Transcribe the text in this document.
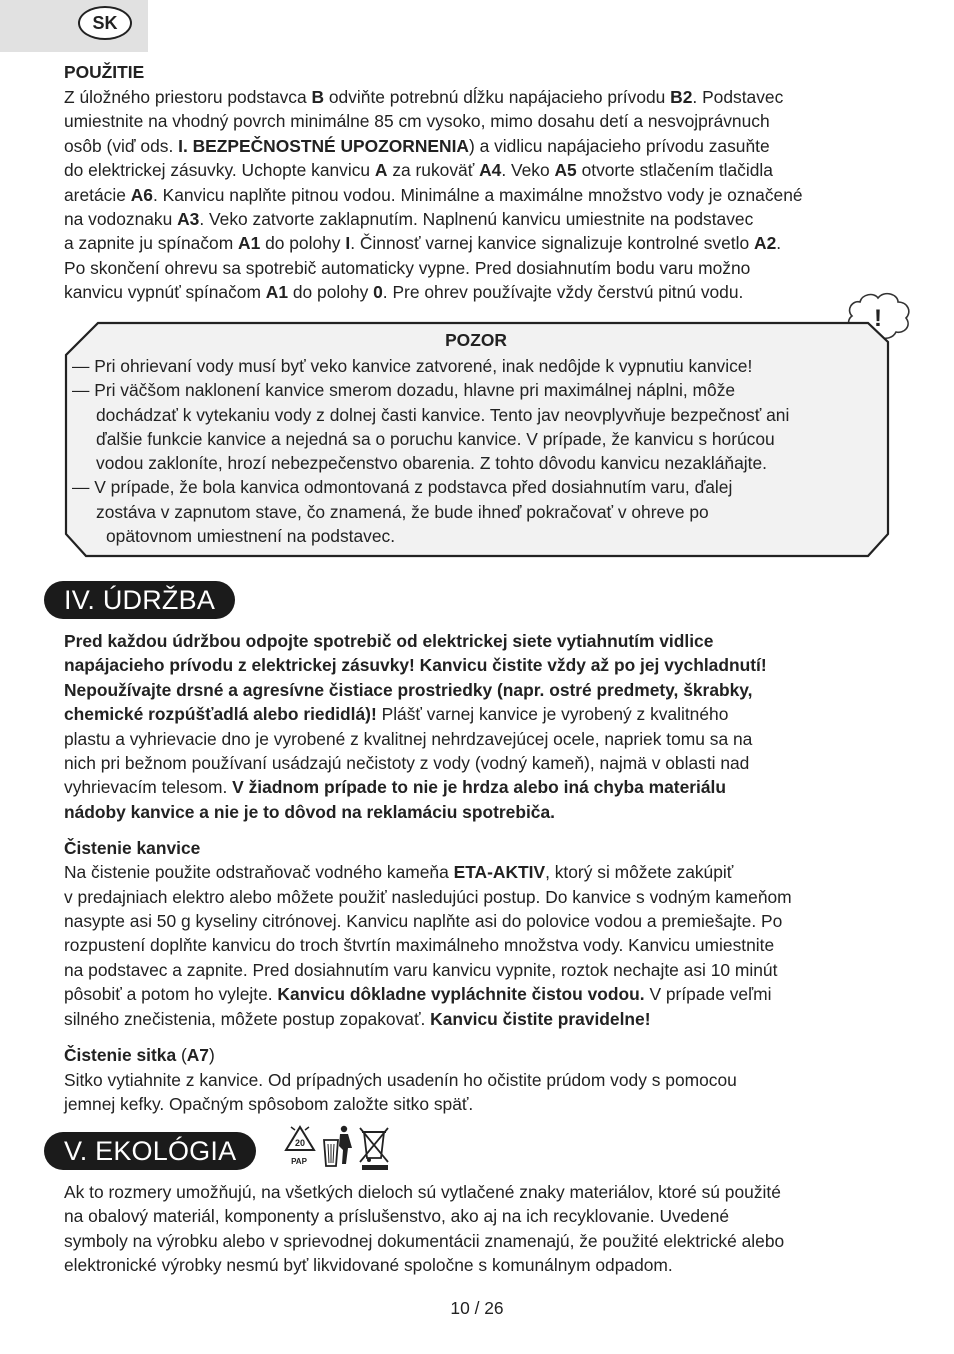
SK

POUŽITIE

Z úložného priestoru podstavca B odviňte potrebnú dĺžku napájacieho prívodu B2. Podstavec

umiestnite na vhodný povrch minimálne 85 cm vysoko, mimo dosahu detí a nesvojprávnuch

osôb (viď ods. I. BEZPEČNOSTNÉ UPOZORNENIA) a vidlicu napájacieho prívodu zasuňte

do elektrickej zásuvky. Uchopte kanvicu A za rukoväť A4. Veko A5 otvorte stlačením tlačidla

aretácie A6. Kanvicu naplňte pitnou vodou. Minimálne a maximálne množstvo vody je označené

na vodoznaku A3. Veko zatvorte zaklapnutím. Naplnenú kanvicu umiestnite na podstavec

a zapnite ju spínačom A1 do polohy I. Činnosť varnej kanvice signalizuje kontrolné svetlo A2.

Po skončení ohrevu sa spotrebič automaticky vypne. Pred dosiahnutím bodu varu možno

kanvicu vypnúť spínačom A1 do polohy 0. Pre ohrev používajte vždy čerstvú pitnú vodu.

!
POZOR

— Pri ohrievaní vody musí byť veko kanvice zatvorené, inak nedôjde k vypnutiu kanvice!

— Pri väčšom naklonení kanvice smerom dozadu, hlavne pri maximálnej náplni, môže

dochádzať k vytekaniu vody z dolnej časti kanvice. Tento jav neovplyvňuje bezpečnosť ani

ďalšie funkcie kanvice a nejedná sa o poruchu kanvice. V prípade, že kanvicu s horúcou

vodou zakloníte, hrozí nebezpečenstvo obarenia. Z tohto dôvodu kanvicu nezakláňajte.

— V prípade, že bola kanvica odmontovaná z podstavca před dosiahnutím varu, ďalej

zostáva v zapnutom stave, čo znamená, že bude ihneď pokračovať v ohreve po

opätovnom umiestnení na podstavec.

IV. ÚDRŽBA

Pred každou údržbou odpojte spotrebič od elektrickej siete vytiahnutím vidlice

napájacieho prívodu z elektrickej zásuvky! Kanvicu čistite vždy až po jej vychladnutí!

Nepoužívajte drsné a agresívne čistiace prostriedky (napr. ostré predmety, škrabky,

chemické rozpúšťadlá alebo riedidlá)! Plášť varnej kanvice je vyrobený z kvalitného

plastu a vyhrievacie dno je vyrobené z kvalitnej nehrdzavejúcej ocele, napriek tomu sa na

nich pri bežnom používaní usádzajú nečistoty z vody (vodný kameň), najmä v oblasti nad

vyhrievacím telesom. V žiadnom prípade to nie je hrdza alebo iná chyba materiálu

nádoby kanvice a nie je to dôvod na reklamáciu spotrebiča.

Čistenie kanvice

Na čistenie použite odstraňovač vodného kameňa ETA-AKTIV, ktorý si môžete zakúpiť

v predajniach elektro alebo môžete použiť nasledujúci postup. Do kanvice s vodným kameňom

nasypte asi 50 g kyseliny citrónovej. Kanvicu naplňte asi do polovice vodou a premiešajte. Po

rozpustení doplňte kanvicu do troch štvrtín maximálneho množstva vody. Kanvicu umiestnite

na podstavec a zapnite. Pred dosiahnutím varu kanvicu vypnite, roztok nechajte asi 10 minút

pôsobiť a potom ho vylejte. Kanvicu dôkladne vypláchnite čistou vodou. V prípade veľmi

silného znečistenia, môžete postup zopakovať. Kanvicu čistite pravidelne!

Čistenie sitka (A7)

Sitko vytiahnite z kanvice. Od prípadných usadenín ho očistite prúdom vody s pomocou

jemnej kefky. Opačným spôsobom založte sitko späť.

V. EKOLÓGIA	20
PAP

Ak to rozmery umožňujú, na všetkých dieloch sú vytlačené znaky materiálov, ktoré sú použité

na obalový materiál, komponenty a príslušenstvo, ako aj na ich recyklovanie. Uvedené

symboly na výrobku alebo v sprievodnej dokumentácii znamenajú, že použité elektrické alebo

elektronické výrobky nesmú byť likvidované spoločne s komunálnym odpadom.

10 / 26
